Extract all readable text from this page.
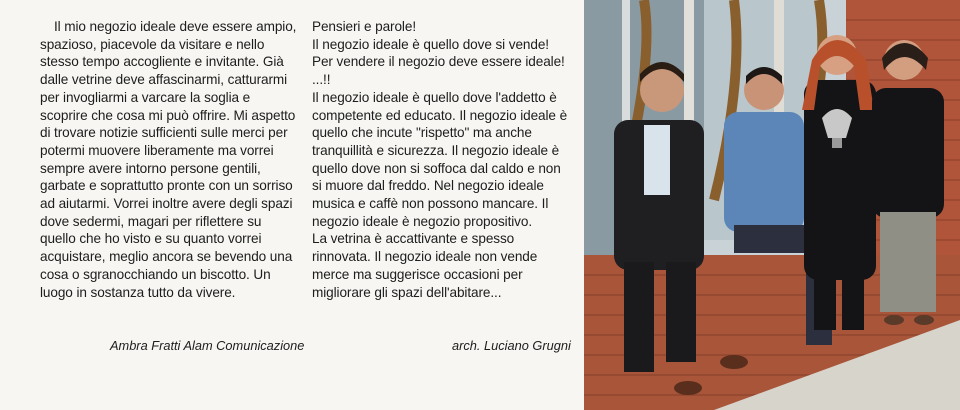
Il mio negozio ideale deve essere ampio, spazioso, piacevole da visitare e nello stesso tempo accogliente e invitante. Già dalle vetrine deve affascinarmi, catturarmi per invogliarmi a varcare la soglia e scoprire che cosa mi può offrire. Mi aspetto di trovare notizie sufficienti sulle merci per potermi muovere liberamente ma vorrei sempre avere intorno persone gentili, garbate e soprattutto pronte con un sorriso ad aiutarmi. Vorrei inoltre avere degli spazi dove sedermi, magari per riflettere su quello che ho visto e su quanto vorrei acquistare, meglio ancora se bevendo una cosa o sgranocchiando un biscotto. Un luogo in sostanza tutto da vivere.

Ambra Fratti Alam Comunicazione

Pensieri e parole!

Il negozio ideale è quello dove si vende!

Per vendere il negozio deve essere ideale! ...!!

Il negozio ideale è quello dove l'addetto è competente ed educato. Il negozio ideale è quello che incute "rispetto" ma anche tranquillità e sicurezza. Il negozio ideale è quello dove non si soffoca dal caldo e non si muore dal freddo. Nel negozio ideale musica e caffè non possono mancare. Il negozio ideale è negozio propositivo.

La vetrina è accattivante e spesso rinnovata. Il negozio ideale non vende merce ma suggerisce occasioni per migliorare gli spazi dell'abitare...

arch. Luciano Grugni
